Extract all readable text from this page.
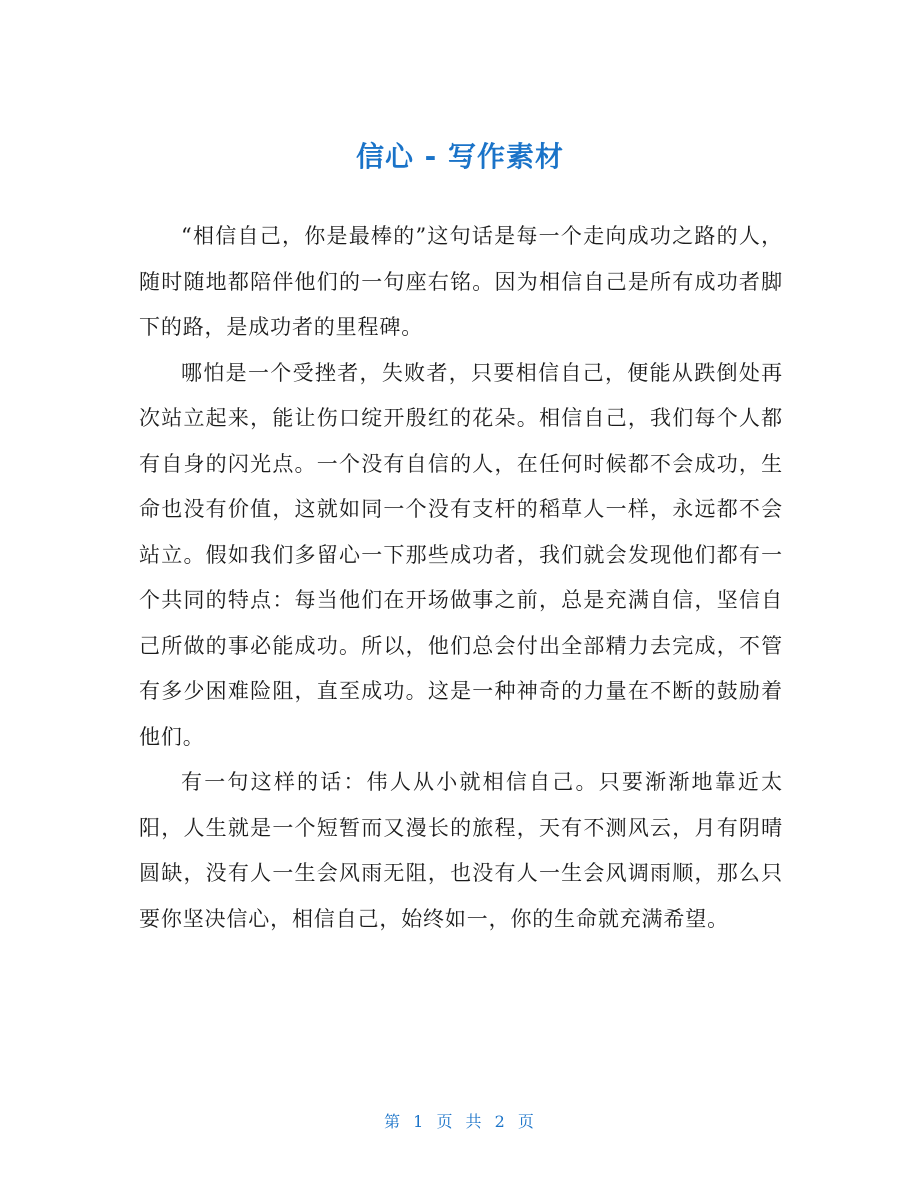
信心 - 写作素材

“相信自己，你是最棒的”这句话是每一个走向成功之路的人，随时随地都陪伴他们的一句座右铭。因为相信自己是所有成功者脚下的路，是成功者的里程碑。

哪怕是一个受挫者，失败者，只要相信自己，便能从跌倒处再次站立起来，能让伤口绽开殷红的花朵。相信自己，我们每个人都有自身的闪光点。一个没有自信的人，在任何时候都不会成功，生命也没有价值，这就如同一个没有支杆的稻草人一样，永远都不会站立。假如我们多留心一下那些成功者，我们就会发现他们都有一个共同的特点：每当他们在开场做事之前，总是充满自信，坚信自己所做的事必能成功。所以，他们总会付出全部精力去完成，不管有多少困难险阻，直至成功。这是一种神奇的力量在不断的鼓励着他们。

有一句这样的话：伟人从小就相信自己。只要渐渐地靠近太阳，人生就是一个短暂而又漫长的旅程，天有不测风云，月有阴晴圆缺，没有人一生会风雨无阻，也没有人一生会风调雨顺，那么只要你坚决信心，相信自己，始终如一，你的生命就充满希望。

第 1 页 共 2 页
